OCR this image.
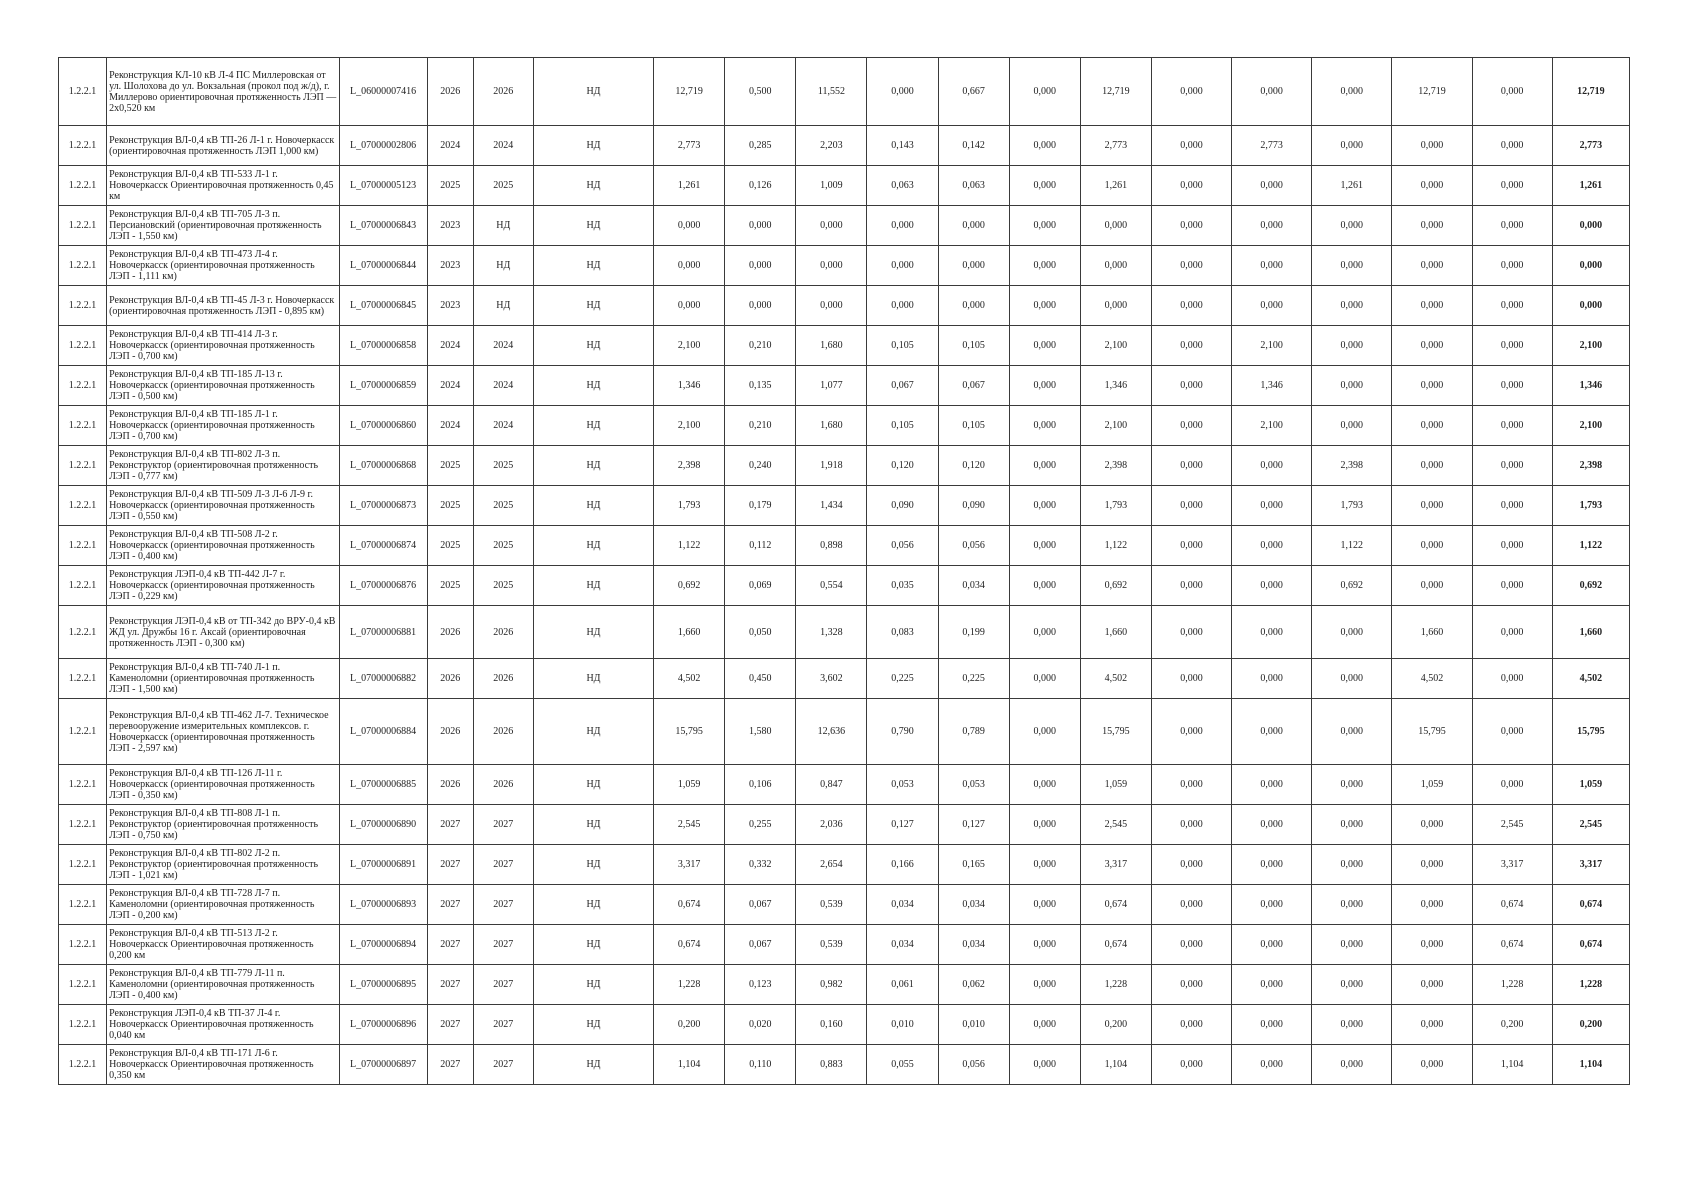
1.2.2.1	Реконструкция КЛ-10 кВ Л-4 ПС Миллеровская от ул. Шолохова до ул. Вокзальная (прокол под ж/д), г. Миллерово ориентировочная протяженность ЛЭП — 2х0,520 км	L_06000007416	2026	2026	НД	12,719	0,500	11,552	0,000	0,667	0,000	12,719	0,000	0,000	0,000	12,719	0,000	12,719
1.2.2.1	Реконструкция ВЛ-0,4 кВ ТП-26 Л-1 г. Новочеркасск (ориентировочная протяженность ЛЭП 1,000 км)	L_07000002806	2024	2024	НД	2,773	0,285	2,203	0,143	0,142	0,000	2,773	0,000	2,773	0,000	0,000	0,000	2,773
1.2.2.1	Реконструкция ВЛ-0,4 кВ ТП-533 Л-1 г. Новочеркасск Ориентировочная протяженность 0,45 км	L_07000005123	2025	2025	НД	1,261	0,126	1,009	0,063	0,063	0,000	1,261	0,000	0,000	1,261	0,000	0,000	1,261
1.2.2.1	Реконструкция ВЛ-0,4 кВ ТП-705 Л-3 п. Персиановский (ориентировочная протяженность ЛЭП - 1,550 км)	L_07000006843	2023	НД	НД	0,000	0,000	0,000	0,000	0,000	0,000	0,000	0,000	0,000	0,000	0,000	0,000	0,000
1.2.2.1	Реконструкция ВЛ-0,4 кВ ТП-473 Л-4 г. Новочеркасск (ориентировочная протяженность ЛЭП - 1,111 км)	L_07000006844	2023	НД	НД	0,000	0,000	0,000	0,000	0,000	0,000	0,000	0,000	0,000	0,000	0,000	0,000	0,000
1.2.2.1	Реконструкция ВЛ-0,4 кВ ТП-45 Л-3 г. Новочеркасск (ориентировочная протяженность ЛЭП - 0,895 км)	L_07000006845	2023	НД	НД	0,000	0,000	0,000	0,000	0,000	0,000	0,000	0,000	0,000	0,000	0,000	0,000	0,000
1.2.2.1	Реконструкция ВЛ-0,4 кВ ТП-414 Л-3 г. Новочеркасск (ориентировочная протяженность ЛЭП - 0,700 км)	L_07000006858	2024	2024	НД	2,100	0,210	1,680	0,105	0,105	0,000	2,100	0,000	2,100	0,000	0,000	0,000	2,100
1.2.2.1	Реконструкция ВЛ-0,4 кВ ТП-185 Л-13 г. Новочеркасск (ориентировочная протяженность ЛЭП - 0,500 км)	L_07000006859	2024	2024	НД	1,346	0,135	1,077	0,067	0,067	0,000	1,346	0,000	1,346	0,000	0,000	0,000	1,346
1.2.2.1	Реконструкция ВЛ-0,4 кВ ТП-185 Л-1 г. Новочеркасск (ориентировочная протяженность ЛЭП - 0,700 км)	L_07000006860	2024	2024	НД	2,100	0,210	1,680	0,105	0,105	0,000	2,100	0,000	2,100	0,000	0,000	0,000	2,100
1.2.2.1	Реконструкция ВЛ-0,4 кВ ТП-802 Л-3 п. Реконструктор (ориентировочная протяженность ЛЭП - 0,777 км)	L_07000006868	2025	2025	НД	2,398	0,240	1,918	0,120	0,120	0,000	2,398	0,000	0,000	2,398	0,000	0,000	2,398
1.2.2.1	Реконструкция ВЛ-0,4 кВ ТП-509 Л-3 Л-6 Л-9 г. Новочеркасск (ориентировочная протяженность ЛЭП - 0,550 км)	L_07000006873	2025	2025	НД	1,793	0,179	1,434	0,090	0,090	0,000	1,793	0,000	0,000	1,793	0,000	0,000	1,793
1.2.2.1	Реконструкция ВЛ-0,4 кВ ТП-508 Л-2 г. Новочеркасск (ориентировочная протяженность ЛЭП - 0,400 км)	L_07000006874	2025	2025	НД	1,122	0,112	0,898	0,056	0,056	0,000	1,122	0,000	0,000	1,122	0,000	0,000	1,122
1.2.2.1	Реконструкция ЛЭП-0,4 кВ ТП-442 Л-7 г. Новочеркасск (ориентировочная протяженность ЛЭП - 0,229 км)	L_07000006876	2025	2025	НД	0,692	0,069	0,554	0,035	0,034	0,000	0,692	0,000	0,000	0,692	0,000	0,000	0,692
1.2.2.1	Реконструкция ЛЭП-0,4 кВ от ТП-342 до ВРУ-0,4 кВ ЖД ул. Дружбы 16 г. Аксай (ориентировочная протяженность ЛЭП - 0,300 км)	L_07000006881	2026	2026	НД	1,660	0,050	1,328	0,083	0,199	0,000	1,660	0,000	0,000	0,000	1,660	0,000	1,660
1.2.2.1	Реконструкция ВЛ-0,4 кВ ТП-740 Л-1 п. Каменоломни (ориентировочная протяженность ЛЭП - 1,500 км)	L_07000006882	2026	2026	НД	4,502	0,450	3,602	0,225	0,225	0,000	4,502	0,000	0,000	0,000	4,502	0,000	4,502
1.2.2.1	Реконструкция ВЛ-0,4 кВ ТП-462 Л-7. Техническое перевооружение измерительных комплексов. г. Новочеркасск (ориентировочная протяженность ЛЭП - 2,597 км)	L_07000006884	2026	2026	НД	15,795	1,580	12,636	0,790	0,789	0,000	15,795	0,000	0,000	0,000	15,795	0,000	15,795
1.2.2.1	Реконструкция ВЛ-0,4 кВ ТП-126 Л-11 г. Новочеркасск (ориентировочная протяженность ЛЭП - 0,350 км)	L_07000006885	2026	2026	НД	1,059	0,106	0,847	0,053	0,053	0,000	1,059	0,000	0,000	0,000	1,059	0,000	1,059
1.2.2.1	Реконструкция ВЛ-0,4 кВ ТП-808 Л-1 п. Реконструктор (ориентировочная протяженность ЛЭП - 0,750 км)	L_07000006890	2027	2027	НД	2,545	0,255	2,036	0,127	0,127	0,000	2,545	0,000	0,000	0,000	0,000	2,545	2,545
1.2.2.1	Реконструкция ВЛ-0,4 кВ ТП-802 Л-2 п. Реконструктор (ориентировочная протяженность ЛЭП - 1,021 км)	L_07000006891	2027	2027	НД	3,317	0,332	2,654	0,166	0,165	0,000	3,317	0,000	0,000	0,000	0,000	3,317	3,317
1.2.2.1	Реконструкция ВЛ-0,4 кВ ТП-728 Л-7 п. Каменоломни (ориентировочная протяженность ЛЭП - 0,200 км)	L_07000006893	2027	2027	НД	0,674	0,067	0,539	0,034	0,034	0,000	0,674	0,000	0,000	0,000	0,000	0,674	0,674
1.2.2.1	Реконструкция ВЛ-0,4 кВ ТП-513 Л-2 г. Новочеркасск Ориентировочная протяженность 0,200 км	L_07000006894	2027	2027	НД	0,674	0,067	0,539	0,034	0,034	0,000	0,674	0,000	0,000	0,000	0,000	0,674	0,674
1.2.2.1	Реконструкция ВЛ-0,4 кВ ТП-779 Л-11 п. Каменоломни (ориентировочная протяженность ЛЭП - 0,400 км)	L_07000006895	2027	2027	НД	1,228	0,123	0,982	0,061	0,062	0,000	1,228	0,000	0,000	0,000	0,000	1,228	1,228
1.2.2.1	Реконструкция ЛЭП-0,4 кВ ТП-37 Л-4 г. Новочеркасск Ориентировочная протяженность 0,040 км	L_07000006896	2027	2027	НД	0,200	0,020	0,160	0,010	0,010	0,000	0,200	0,000	0,000	0,000	0,000	0,200	0,200
1.2.2.1	Реконструкция ВЛ-0,4 кВ ТП-171 Л-6 г. Новочеркасск Ориентировочная протяженность 0,350 км	L_07000006897	2027	2027	НД	1,104	0,110	0,883	0,055	0,056	0,000	1,104	0,000	0,000	0,000	0,000	1,104	1,104
